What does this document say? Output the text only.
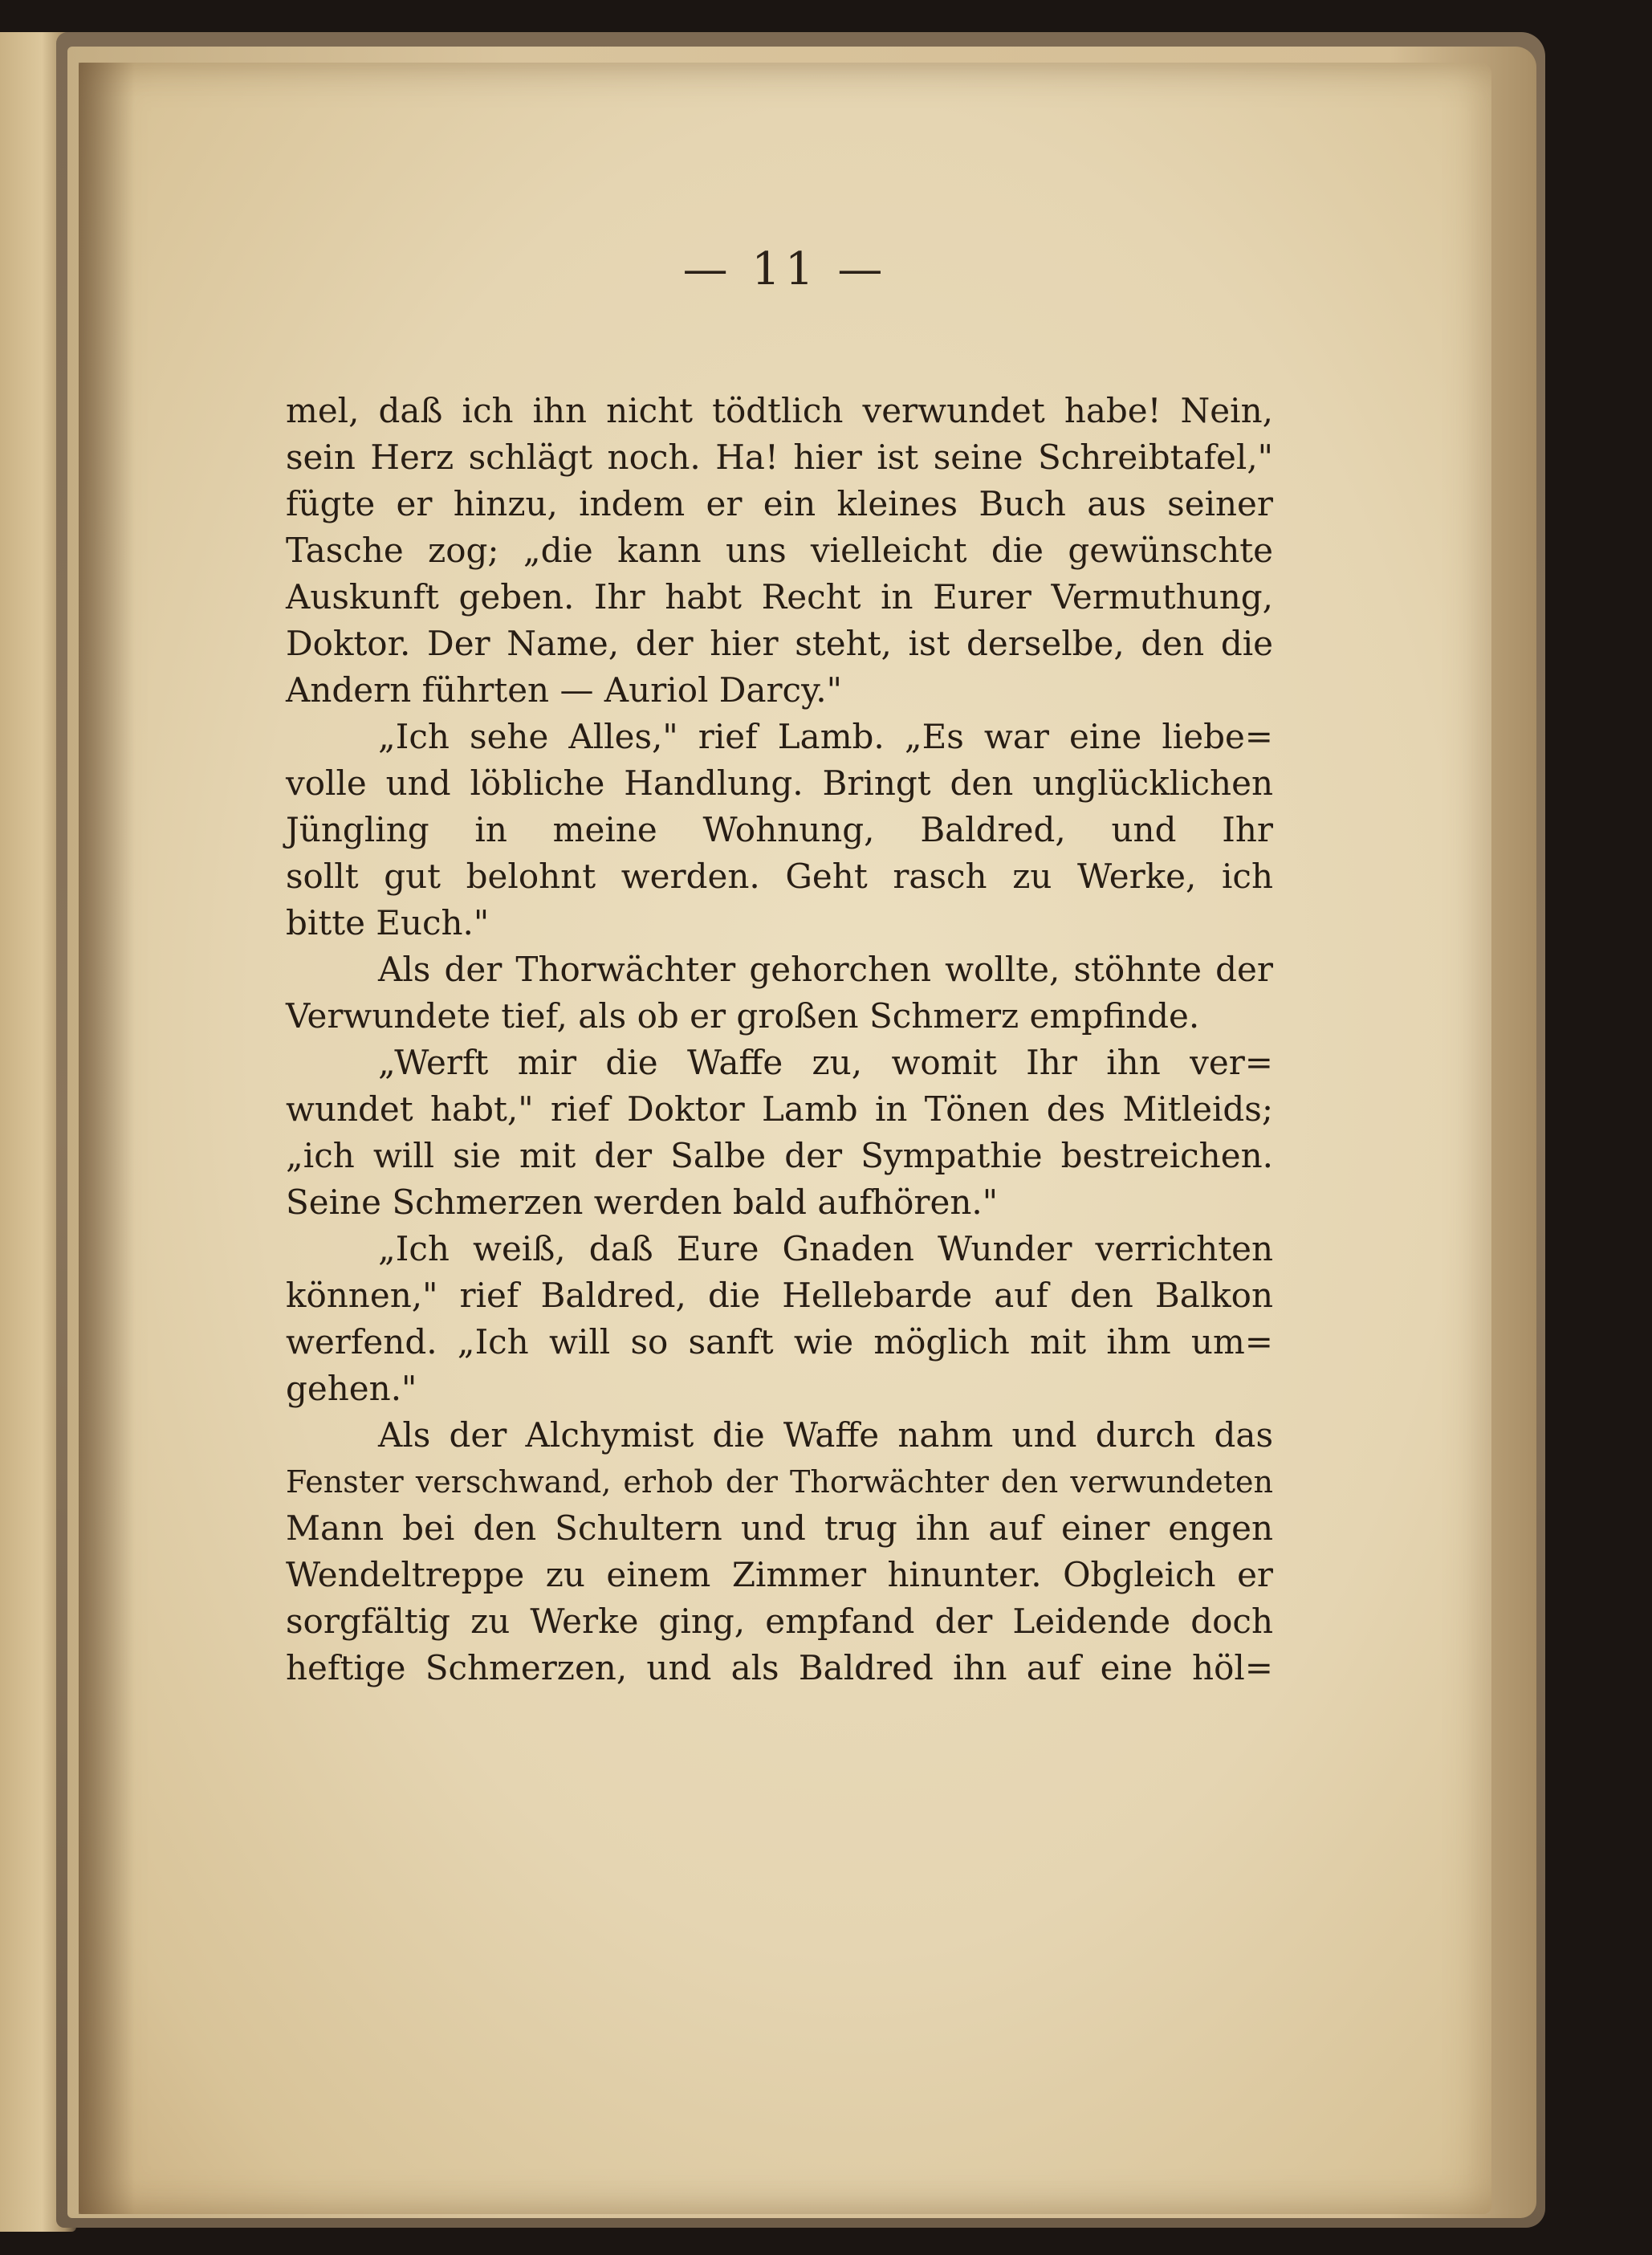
— 11 —
mel, daß ich ihn nicht tödtlich verwundet habe! Nein,
sein Herz schlägt noch. Ha! hier ist seine Schreibtafel,"
fügte er hinzu, indem er ein kleines Buch aus seiner
Tasche zog; „die kann uns vielleicht die gewünschte
Auskunft geben. Ihr habt Recht in Eurer Vermuthung,
Doktor. Der Name, der hier steht, ist derselbe, den die
Andern führten — Auriol Darcy."
„Ich sehe Alles," rief Lamb. „Es war eine liebe=
volle und löbliche Handlung. Bringt den unglücklichen
Jüngling in meine Wohnung, Baldred, und Ihr
sollt gut belohnt werden. Geht rasch zu Werke, ich
bitte Euch."
Als der Thorwächter gehorchen wollte, stöhnte der
Verwundete tief, als ob er großen Schmerz empfinde.
„Werft mir die Waffe zu, womit Ihr ihn ver=
wundet habt," rief Doktor Lamb in Tönen des Mitleids;
„ich will sie mit der Salbe der Sympathie bestreichen.
Seine Schmerzen werden bald aufhören."
„Ich weiß, daß Eure Gnaden Wunder verrichten
können," rief Baldred, die Hellebarde auf den Balkon
werfend. „Ich will so sanft wie möglich mit ihm um=
gehen."
Als der Alchymist die Waffe nahm und durch das
Fenster verschwand, erhob der Thorwächter den verwundeten
Mann bei den Schultern und trug ihn auf einer engen
Wendeltreppe zu einem Zimmer hinunter. Obgleich er
sorgfältig zu Werke ging, empfand der Leidende doch
heftige Schmerzen, und als Baldred ihn auf eine höl=
